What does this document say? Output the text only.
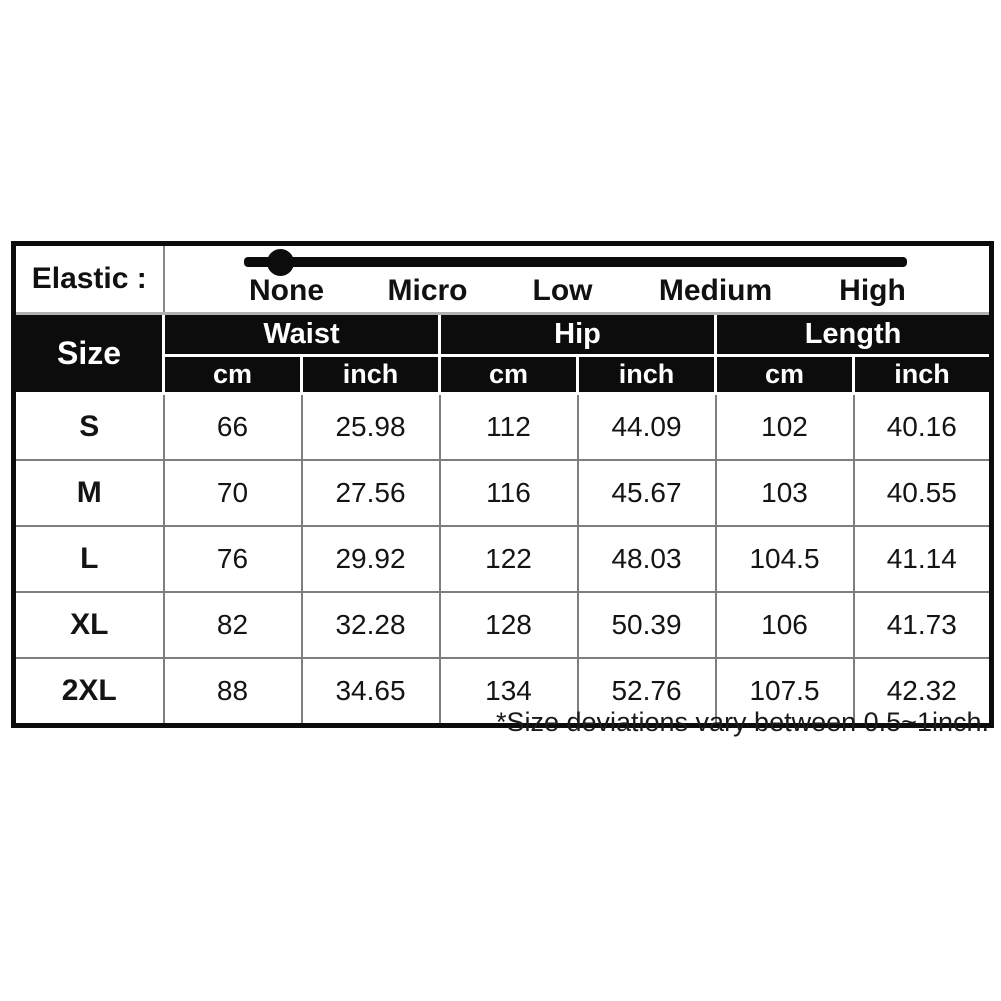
Elastic :	None Micro Low Medium High					

Size	Waist		Hip		Length	
	cm	inch	cm	inch	cm	inch
S	66	25.98	112	44.09	102	40.16
M	70	27.56	116	45.67	103	40.55
L	76	29.92	122	48.03	104.5	41.14
XL	82	32.28	128	50.39	106	41.73
2XL	88	34.65	134	52.76	107.5	42.32
*Size deviations vary between 0.5~1inch.
